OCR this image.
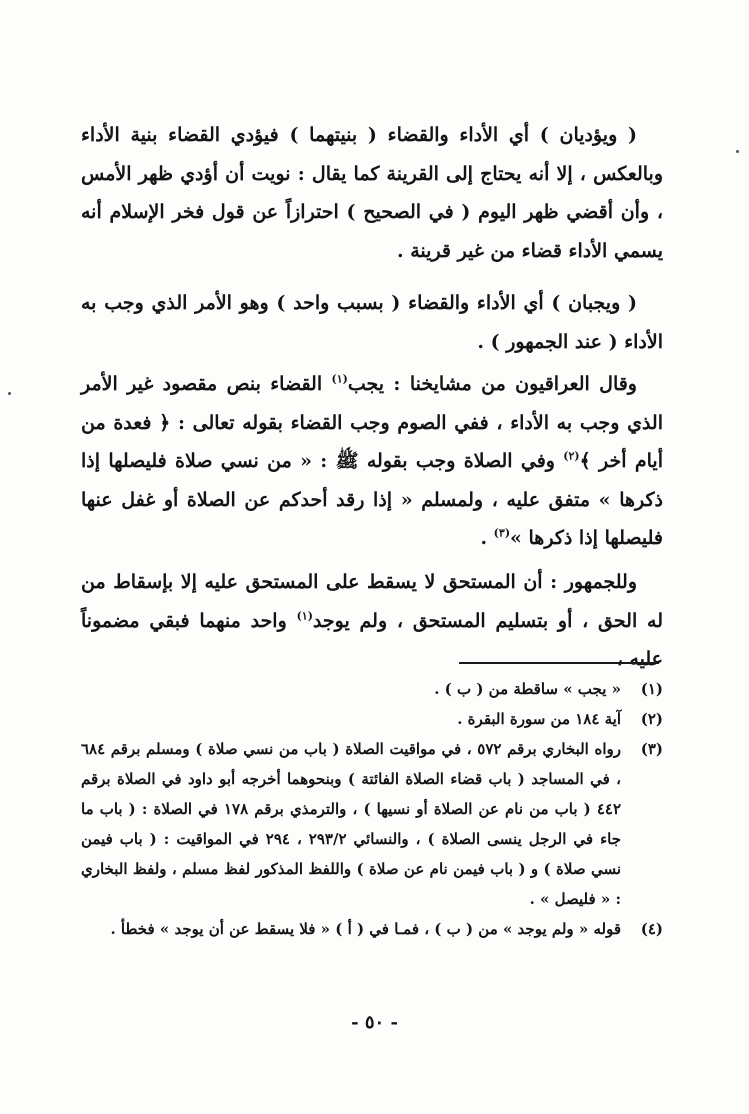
( ويؤديان ) أي الأداء والقضاء ( بنيتهما ) فيؤدي القضاء بنية الأداء وبالعكس ، إلا أنه يحتاج إلى القرينة كما يقال : نويت أن أؤدي ظهر الأمس ، وأن أقضي ظهر اليوم ( في الصحيح ) احترازاً عن قول فخر الإسلام أنه يسمي الأداء قضاء من غير قرينة .

( ويجبان ) أي الأداء والقضاء ( بسبب واحد ) وهو الأمر الذي وجب به الأداء ( عند الجمهور ) .

وقال العراقيون من مشايخنا : يجب$^{(١)}$ القضاء بنص مقصود غير الأمر الذي وجب به الأداء ، ففي الصوم وجب القضاء بقوله تعالى : ﴿ فعدة من أيام أخر ﴾$^{(٢)}$ وفي الصلاة وجب بقوله ﷺ : « من نسي صلاة فليصلها إذا ذكرها » متفق عليه ، ولمسلم « إذا رقد أحدكم عن الصلاة أو غفل عنها فليصلها إذا ذكرها »$^{(٣)}$ .

وللجمهور : أن المستحق لا يسقط على المستحق عليه إلا بإسقاط من له الحق ، أو بتسليم المستحق ، ولم يوجد$^{(١)}$ واحد منهما فبقي مضموناً عليه ،

(١)
« يجب » ساقطة من ( ب ) .
(٢)
آية ١٨٤ من سورة البقرة .
(٣)
رواه البخاري برقم ٥٧٢ ، في مواقيت الصلاة ( باب من نسي صلاة ) ومسلم برقم ٦٨٤ ، في المساجد ( باب قضاء الصلاة الفائتة ) وبنحوهما أخرجه أبو داود في الصلاة برقم ٤٤٢ ( باب من نام عن الصلاة أو نسيها ) ، والترمذي برقم ١٧٨ في الصلاة : ( باب ما جاء في الرجل ينسى الصلاة ) ، والنسائي ٢٩٣/٢ ، ٢٩٤ في المواقيت : ( باب فيمن نسي صلاة ) و ( باب فيمن نام عن صلاة ) واللفظ المذكور لفظ مسلم ، ولفظ البخاري : « فليصل » .
(٤)
قوله « ولم يوجد » من ( ب ) ، فمـا في ( أ ) « فلا يسقط عن أن يوجد » فخطأ .
- ٥٠ -
